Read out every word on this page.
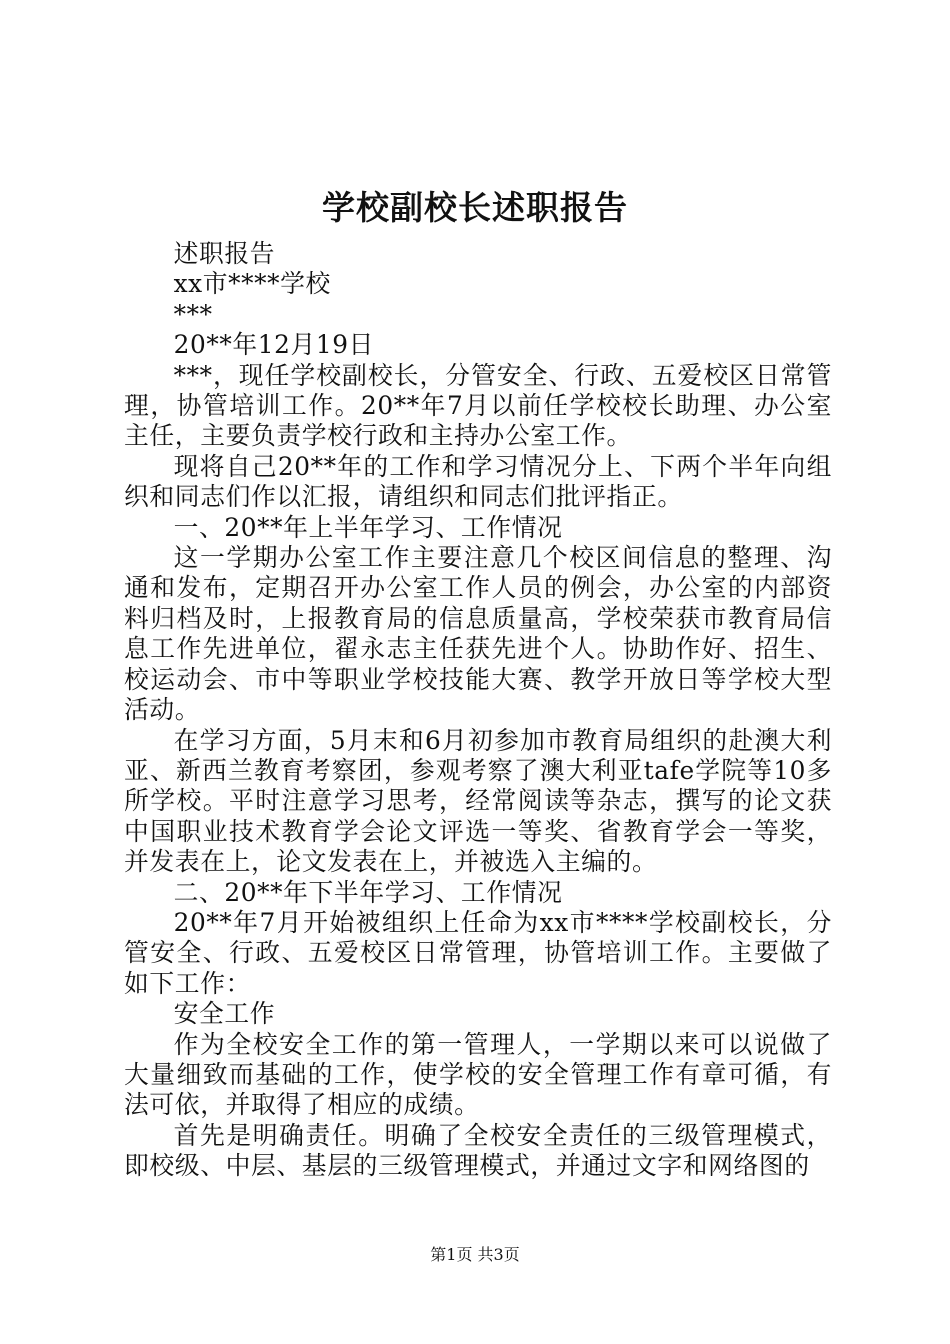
学校副校长述职报告

述职报告

xx市****学校

***

20**年12月19日

***，现任学校副校长，分管安全、行政、五爱校区日常管理，协管培训工作。20**年7月以前任学校校长助理、办公室主任，主要负责学校行政和主持办公室工作。

现将自己20**年的工作和学习情况分上、下两个半年向组织和同志们作以汇报，请组织和同志们批评指正。

一、20**年上半年学习、工作情况

这一学期办公室工作主要注意几个校区间信息的整理、沟通和发布，定期召开办公室工作人员的例会，办公室的内部资料归档及时，上报教育局的信息质量高，学校荣获市教育局信息工作先进单位，翟永志主任获先进个人。协助作好、招生、校运动会、市中等职业学校技能大赛、教学开放日等学校大型活动。

在学习方面，5月末和6月初参加市教育局组织的赴澳大利亚、新西兰教育考察团，参观考察了澳大利亚tafe学院等10多所学校。平时注意学习思考，经常阅读等杂志，撰写的论文获中国职业技术教育学会论文评选一等奖、省教育学会一等奖，并发表在上，论文发表在上，并被选入主编的。

二、20**年下半年学习、工作情况

20**年7月开始被组织上任命为xx市****学校副校长，分管安全、行政、五爱校区日常管理，协管培训工作。主要做了如下工作：

安全工作

作为全校安全工作的第一管理人，一学期以来可以说做了大量细致而基础的工作，使学校的安全管理工作有章可循，有法可依，并取得了相应的成绩。

首先是明确责任。明确了全校安全责任的三级管理模式，即校级、中层、基层的三级管理模式，并通过文字和网络图的

第1页 共3页
